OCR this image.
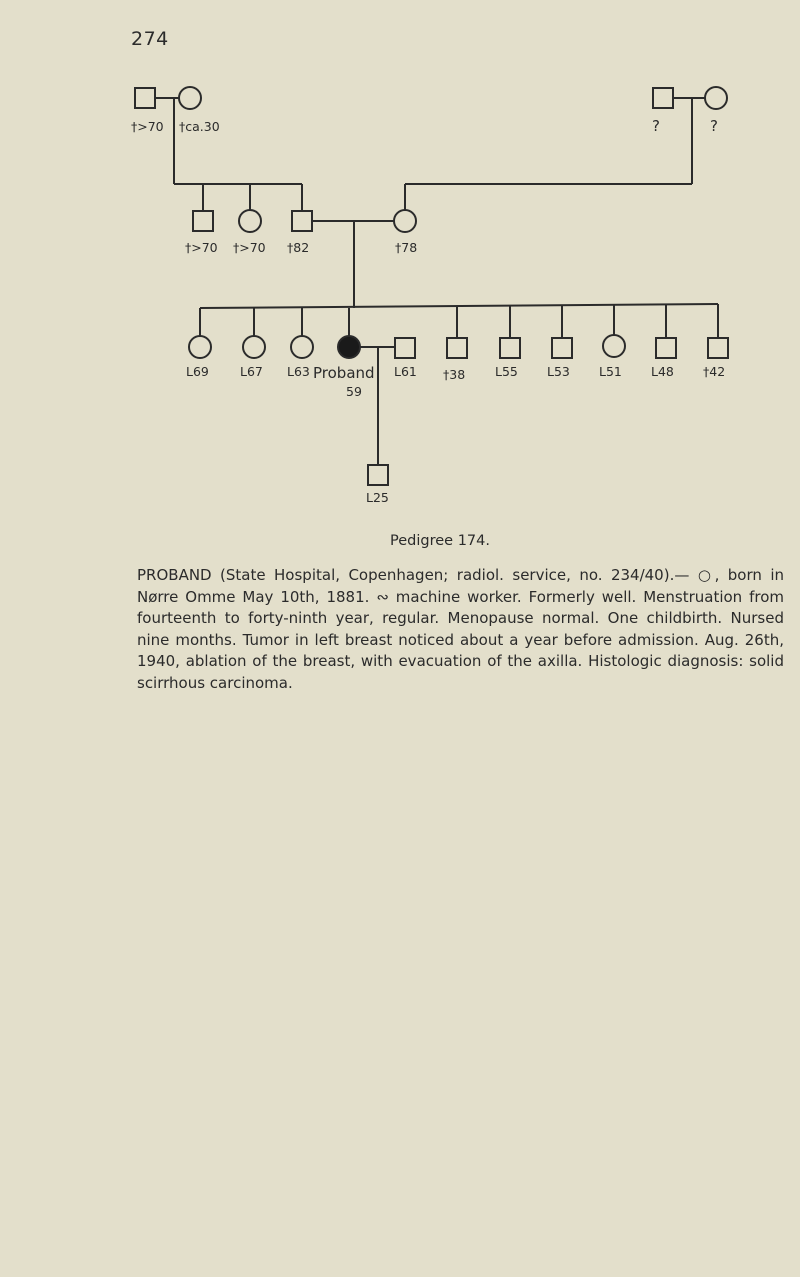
274
†>70 †ca.30	?	?
†>70 †>70 †82	†78
L69 L67 L63 Proband
59
L61 †38 L55 L53 L51 L48 †42
L25
Pedigree 174.

PROBAND (State Hospital, Copenhagen; radiol. service, no. 234/40).— ○, born in Nørre Omme May 10th, 1881. ∾ machine worker. Formerly well. Menstruation from fourteenth to forty-ninth year, regular. Menopause normal. One childbirth. Nursed nine months. Tumor in left breast noticed about a year before admission. Aug. 26th, 1940, ablation of the breast, with evacuation of the axilla. Histologic diagnosis: solid scirrhous carcinoma.
